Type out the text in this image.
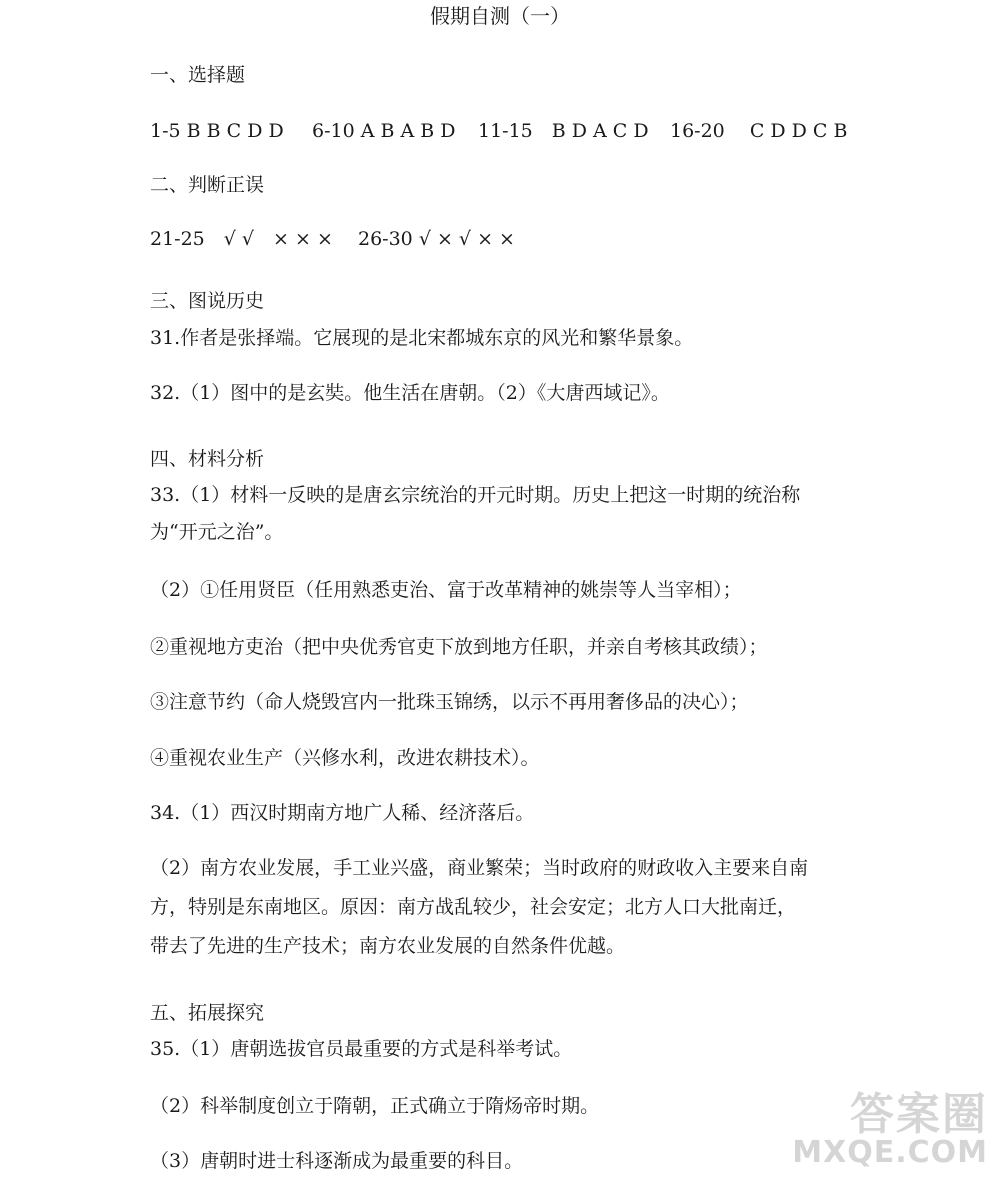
假期自测（一）
一、选择题
1-5 B B C D D 6-10 A B A B D 11-15　B D A C D 16-20　 C D D C B
二、判断正误
21-25　√ √　× × × 26-30 √ × √ × ×
三、图说历史
31.作者是张择端。它展现的是北宋都城东京的风光和繁华景象。
32.（1）图中的是玄奘。他生活在唐朝。（2）《大唐西域记》。
四、材料分析
33.（1）材料一反映的是唐玄宗统治的开元时期。历史上把这一时期的统治称
为“开元之治”。
（2）①任用贤臣（任用熟悉吏治、富于改革精神的姚崇等人当宰相）；
②重视地方吏治（把中央优秀官吏下放到地方任职，并亲自考核其政绩）；
③注意节约（命人烧毁宫内一批珠玉锦绣，以示不再用奢侈品的决心）；
④重视农业生产（兴修水利，改进农耕技术）。
34.（1）西汉时期南方地广人稀、经济落后。
（2）南方农业发展，手工业兴盛，商业繁荣；当时政府的财政收入主要来自南
方，特别是东南地区。原因：南方战乱较少，社会安定；北方人口大批南迁，
带去了先进的生产技术；南方农业发展的自然条件优越。
五、拓展探究
35.（1）唐朝选拔官员最重要的方式是科举考试。
（2）科举制度创立于隋朝，正式确立于隋炀帝时期。
（3）唐朝时进士科逐渐成为最重要的科目。
答案圈
MXQE.COM
